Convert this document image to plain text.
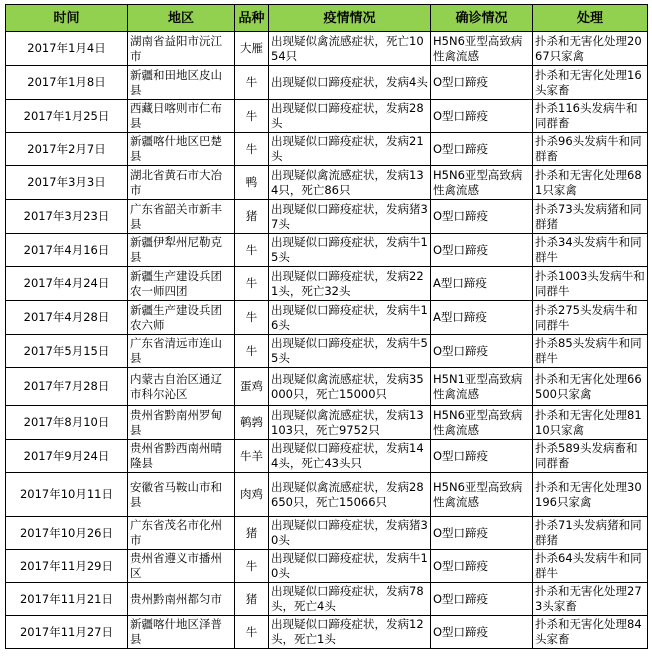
时间	地区	品种	疫情情况	确诊情况	处理
2017年1月4日	湖南省益阳市沅江市	大雁	出现疑似禽流感症状，死亡1054只	H5N6亚型高致病性禽流感	扑杀和无害化处理2067只家禽
2017年1月8日	新疆和田地区皮山县	牛	出现疑似口蹄疫症状，发病4头	O型口蹄疫	扑杀和无害化处理16头家畜
2017年1月25日	西藏日喀则市仁布县	牛	出现疑似口蹄疫症状，发病28头	O型口蹄疫	扑杀116头发病牛和同群畜
2017年2月7日	新疆喀什地区巴楚县	牛	出现疑似口蹄疫症状，发病21头	O型口蹄疫	扑杀96头发病牛和同群畜
2017年3月3日	湖北省黄石市大冶市	鸭	出现疑似禽流感症状，发病134只，死亡86只	H5N6亚型高致病性禽流感	扑杀和无害化处理681只家禽
2017年3月23日	广东省韶关市新丰县	猪	出现疑似口蹄疫症状，发病猪37头	O型口蹄疫	扑杀73头发病猪和同群猪
2017年4月16日	新疆伊犁州尼勒克县	牛	出现疑似口蹄疫症状，发病牛15头	O型口蹄疫	扑杀34头发病牛和同群牛
2017年4月24日	新疆生产建设兵团农一师四团	牛	出现疑似口蹄疫症状，发病221头，死亡32头	A型口蹄疫	扑杀1003头发病牛和同群牛
2017年4月28日	新疆生产建设兵团农六师	牛	出现疑似口蹄疫症状，发病牛16头	A型口蹄疫	扑杀275头发病牛和同群牛
2017年5月15日	广东省清远市连山县	牛	出现疑似口蹄疫症状，发病牛55头	O型口蹄疫	扑杀85头发病牛和同群牛
2017年7月28日	内蒙古自治区通辽市科尔沁区	蛋鸡	出现疑似禽流感症状，发病35000只，死亡15000只	H5N1亚型高致病性禽流感	扑杀和无害化处理66500只家禽
2017年8月10日	贵州省黔南州罗甸县	鹌鹑	出现疑似禽流感症状，发病13103只，死亡9752只	H5N6亚型高致病性禽流感	扑杀和无害化处理8110只家禽
2017年9月24日	贵州省黔西南州晴隆县	牛羊	出现疑似口蹄疫症状，发病144头，死亡43头只	O型口蹄疫	扑杀589头发病畜和同群畜
2017年10月11日	安徽省马鞍山市和县	肉鸡	出现疑似禽流感症状，发病28650只，死亡15066只	H5N6亚型高致病性禽流感	扑杀和无害化处理30196只家禽
2017年10月26日	广东省茂名市化州市	猪	出现疑似口蹄疫症状，发病猪30头	O型口蹄疫	扑杀71头发病猪和同群猪
2017年11月29日	贵州省遵义市播州区	牛	出现疑似口蹄疫症状，发病牛10头	O型口蹄疫	扑杀64头发病牛和同群牛
2017年11月21日	贵州黔南州都匀市	猪	出现疑似口蹄疫症状，发病78头，死亡4头	O型口蹄疫	扑杀和无害化处理273头家畜
2017年11月27日	新疆喀什地区泽普县	牛	出现疑似口蹄疫症状，发病12头，死亡1头	O型口蹄疫	扑杀和无害化处理84头家畜
